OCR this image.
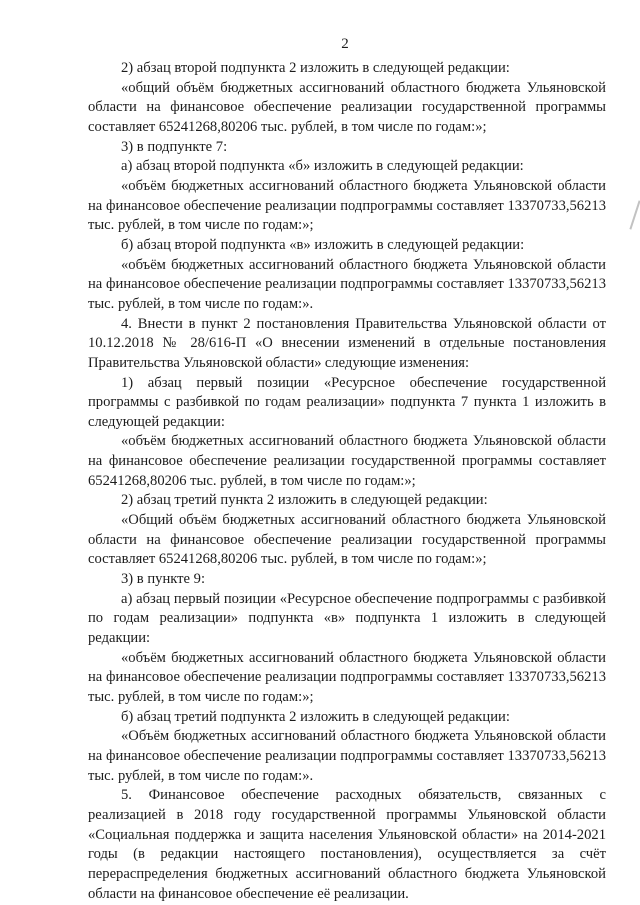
2

2) абзац второй подпункта 2 изложить в следующей редакции:

«общий объём бюджетных ассигнований областного бюджета Ульяновской области на финансовое обеспечение реализации государственной программы составляет 65241268,80206 тыс. рублей, в том числе по годам:»;

3) в подпункте 7:

а) абзац второй подпункта «б» изложить в следующей редакции:

«объём бюджетных ассигнований областного бюджета Ульяновской области на финансовое обеспечение реализации подпрограммы составляет 13370733,56213 тыс. рублей, в том числе по годам:»;

б) абзац второй подпункта «в» изложить в следующей редакции:

«объём бюджетных ассигнований областного бюджета Ульяновской области на финансовое обеспечение реализации подпрограммы составляет 13370733,56213 тыс. рублей, в том числе по годам:».

4. Внести в пункт 2 постановления Правительства Ульяновской области от 10.12.2018 № 28/616-П «О внесении изменений в отдельные постановления Правительства Ульяновской области» следующие изменения:

1) абзац первый позиции «Ресурсное обеспечение государственной программы с разбивкой по годам реализации» подпункта 7 пункта 1 изложить в следующей редакции:

«объём бюджетных ассигнований областного бюджета Ульяновской области на финансовое обеспечение реализации государственной программы составляет 65241268,80206 тыс. рублей, в том числе по годам:»;

2) абзац третий пункта 2 изложить в следующей редакции:

«Общий объём бюджетных ассигнований областного бюджета Ульяновской области на финансовое обеспечение реализации государственной программы составляет 65241268,80206 тыс. рублей, в том числе по годам:»;

3) в пункте 9:

а) абзац первый позиции «Ресурсное обеспечение подпрограммы с разбивкой по годам реализации» подпункта «в» подпункта 1 изложить в следующей редакции:

«объём бюджетных ассигнований областного бюджета Ульяновской области на финансовое обеспечение реализации подпрограммы составляет 13370733,56213 тыс. рублей, в том числе по годам:»;

б) абзац третий подпункта 2 изложить в следующей редакции:

«Объём бюджетных ассигнований областного бюджета Ульяновской области на финансовое обеспечение реализации подпрограммы составляет 13370733,56213 тыс. рублей, в том числе по годам:».

5. Финансовое обеспечение расходных обязательств, связанных с реализацией в 2018 году государственной программы Ульяновской области «Социальная поддержка и защита населения Ульяновской области» на 2014-2021 годы (в редакции настоящего постановления), осуществляется за счёт перераспределения бюджетных ассигнований областного бюджета Ульяновской области на финансовое обеспечение её реализации.
